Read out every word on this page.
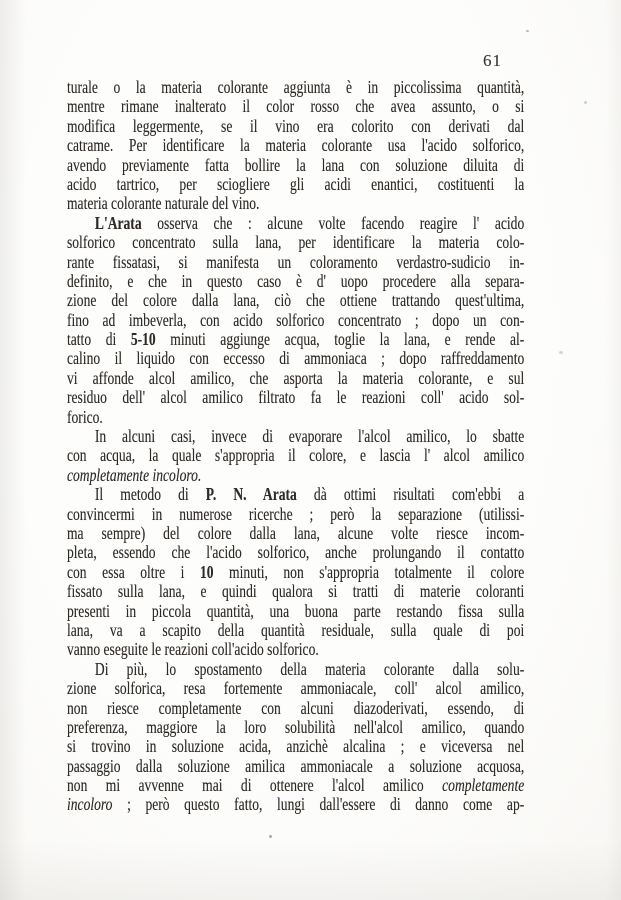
61
turale o la materia colorante aggiunta è in piccolissima quantità,
mentre rimane inalterato il color rosso che avea assunto, o si
modifica leggermente, se il vino era colorito con derivati dal
catrame. Per identificare la materia colorante usa l'acido solforico,
avendo previamente fatta bollire la lana con soluzione diluita di
acido tartrico, per sciogliere gli acidi enantici, costituenti la
materia colorante naturale del vino.
L'Arata osserva che : alcune volte facendo reagire l' acido
solforico concentrato sulla lana, per identificare la materia colo-
rante fissatasi, si manifesta un coloramento verdastro-sudicio in-
definito, e che in questo caso è d' uopo procedere alla separa-
zione del colore dalla lana, ciò che ottiene trattando quest'ultima,
fino ad imbeverla, con acido solforico concentrato ; dopo un con-
tatto di 5-10 minuti aggiunge acqua, toglie la lana, e rende al-
calino il liquido con eccesso di ammoniaca ; dopo raffreddamento
vi affonde alcol amilico, che asporta la materia colorante, e sul
residuo dell' alcol amilico filtrato fa le reazioni coll' acido sol-
forico.
In alcuni casi, invece di evaporare l'alcol amilico, lo sbatte
con acqua, la quale s'appropria il colore, e lascia l' alcol amilico
completamente incoloro.
Il metodo di P. N. Arata dà ottimi risultati com'ebbi a
convincermi in numerose ricerche ; però la separazione (utilissi-
ma sempre) del colore dalla lana, alcune volte riesce incom-
pleta, essendo che l'acido solforico, anche prolungando il contatto
con essa oltre i 10 minuti, non s'appropria totalmente il colore
fissato sulla lana, e quindi qualora si tratti di materie coloranti
presenti in piccola quantità, una buona parte restando fissa sulla
lana, va a scapito della quantità residuale, sulla quale di poi
vanno eseguite le reazioni coll'acido solforico.
Di più, lo spostamento della materia colorante dalla solu-
zione solforica, resa fortemente ammoniacale, coll' alcol amilico,
non riesce completamente con alcuni diazoderivati, essendo, di
preferenza, maggiore la loro solubilità nell'alcol amilico, quando
si trovino in soluzione acida, anzichè alcalina ; e viceversa nel
passaggio dalla soluzione amilica ammoniacale a soluzione acquosa,
non mi avvenne mai di ottenere l'alcol amilico completamente
incoloro ; però questo fatto, lungi dall'essere di danno come ap-
